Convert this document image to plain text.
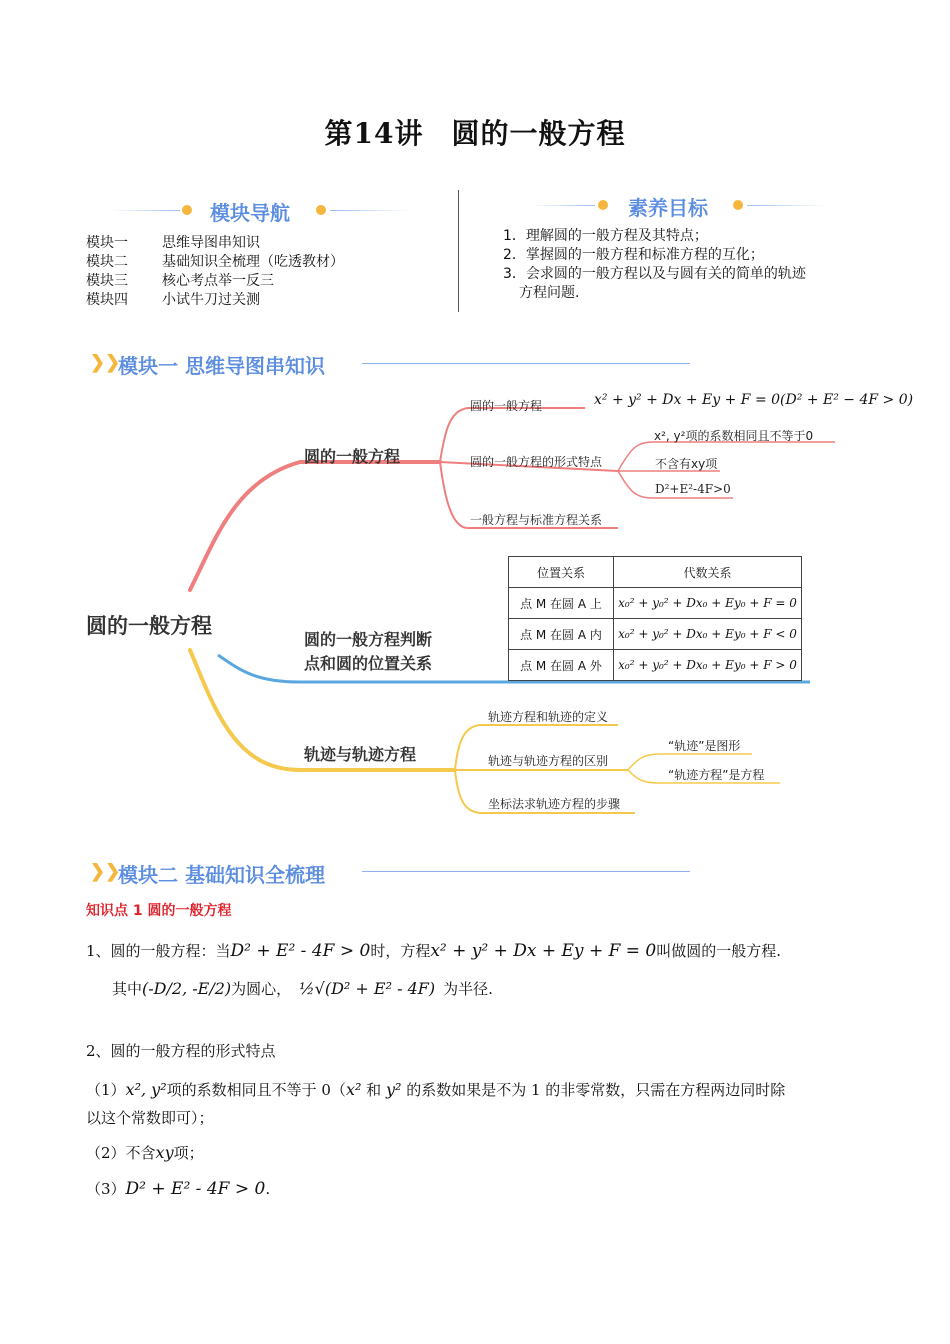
第14讲 圆的一般方程
模块导航
模块一 思维导图串知识
模块二 基础知识全梳理（吃透教材）
模块三 核心考点举一反三
模块四 小试牛刀过关测
素养目标
1．理解圆的一般方程及其特点；
2．掌握圆的一般方程和标准方程的互化；
3．会求圆的一般方程以及与圆有关的简单的轨迹
方程问题.
❯❯
模块一 思维导图串知识
圆的一般方程
圆的一般方程
圆的一般方程	x² + y² + Dx + Ey + F = 0(D² + E² − 4F > 0)
圆的一般方程的形式特点
x², y²项的系数相同且不等于0
不含有xy项
D²+E²-4F>0
一般方程与标准方程关系
圆的一般方程判断
点和圆的位置关系
位置关系	代数关系
点 M 在圆 A 上	x₀² + y₀² + Dx₀ + Ey₀ + F = 0
点 M 在圆 A 内	x₀² + y₀² + Dx₀ + Ey₀ + F < 0
点 M 在圆 A 外	x₀² + y₀² + Dx₀ + Ey₀ + F > 0
轨迹与轨迹方程
轨迹方程和轨迹的定义
轨迹与轨迹方程的区别
“轨迹”是图形
“轨迹方程”是方程
坐标法求轨迹方程的步骤
❯❯
模块二 基础知识全梳理
知识点 1 圆的一般方程
1、圆的一般方程：当D² + E² - 4F > 0时，方程x² + y² + Dx + Ey + F = 0叫做圆的一般方程.
其中(-D/2, -E/2)为圆心， ½√(D² + E² - 4F) 为半径.
2、圆的一般方程的形式特点
（1）x², y²项的系数相同且不等于 0（x² 和 y² 的系数如果是不为 1 的非零常数，只需在方程两边同时除
以这个常数即可）；
（2）不含xy项；
（3）D² + E² - 4F > 0.
